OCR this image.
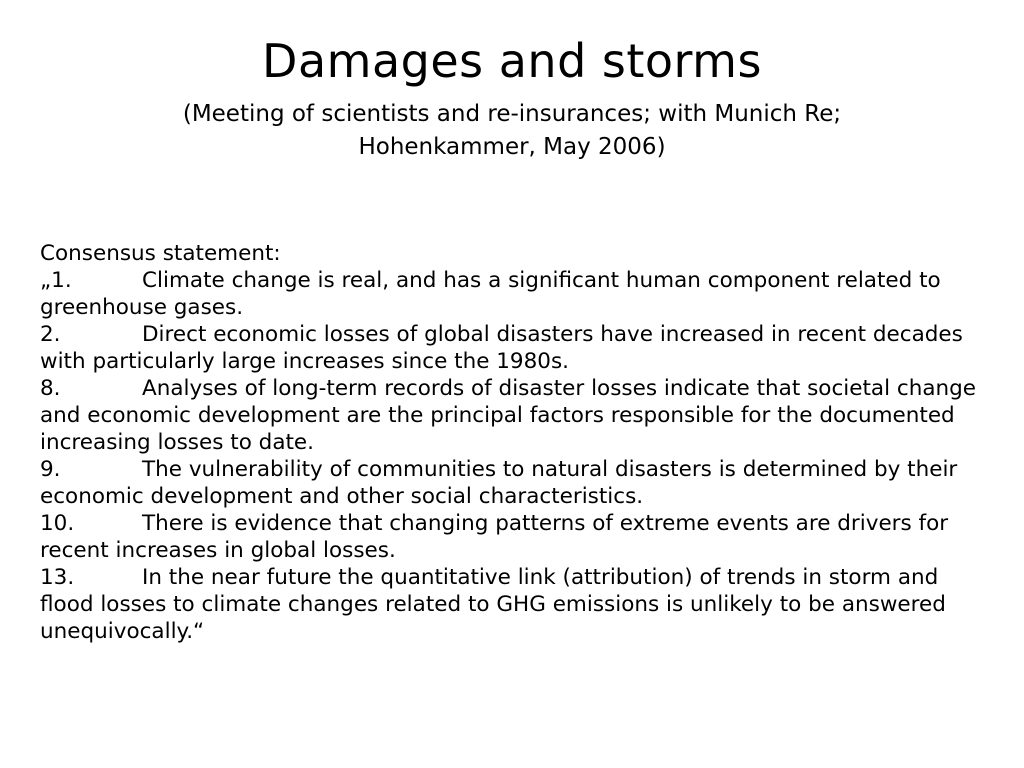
Damages and storms
(Meeting of scientists and re-insurances; with Munich Re;
Hohenkammer, May 2006)
Consensus statement:
„1.	Climate change is real, and has a significant human component related to greenhouse gases.
2.	Direct economic losses of global disasters have increased in recent decades with particularly large increases since the 1980s.
8.	Analyses of long-term records of disaster losses indicate that societal change and economic development are the principal factors responsible for the documented increasing losses to date.
9.	The vulnerability of communities to natural disasters is determined by their economic development and other social characteristics.
10.	There is evidence that changing patterns of extreme events are drivers for recent increases in global losses.
13.	In the near future the quantitative link (attribution) of trends in storm and flood losses to climate changes related to GHG emissions is unlikely to be answered unequivocally.“
